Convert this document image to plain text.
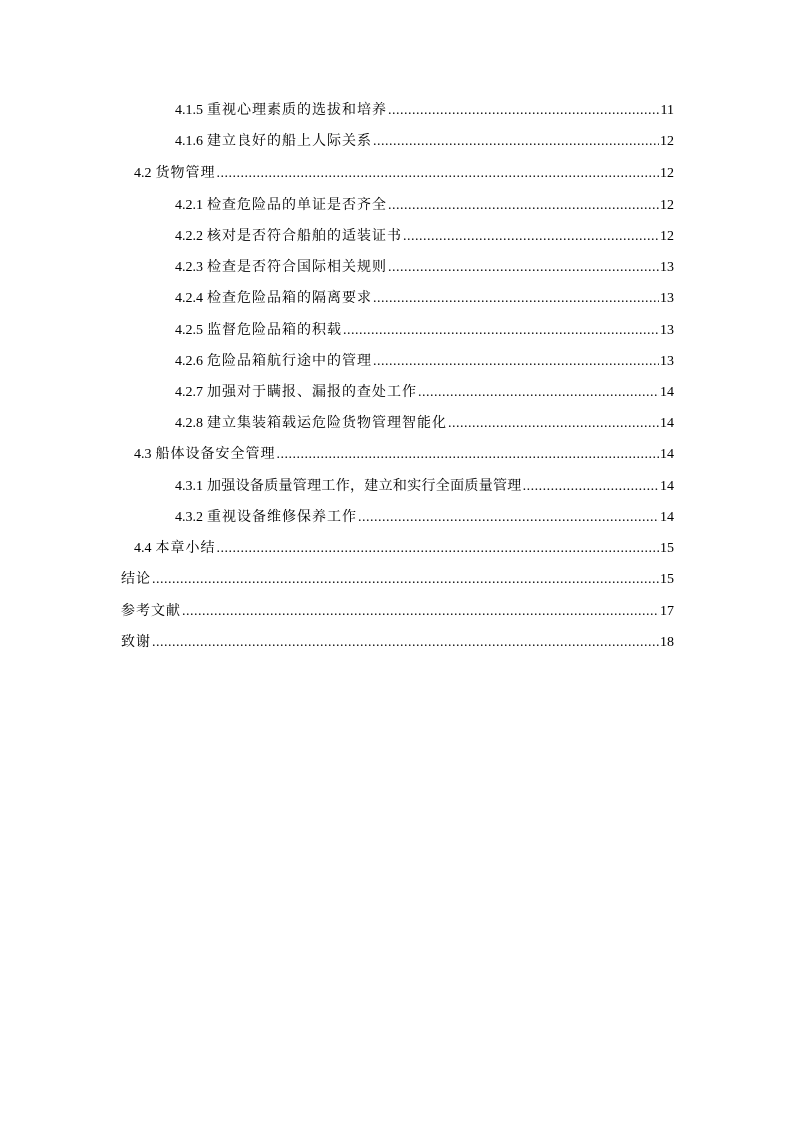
4.1.5 重视心理素质的选拔和培养 .....	11
4.1.6 建立良好的船上人际关系 .....	12
4.2 货物管理 .....	12
4.2.1 检查危险品的单证是否齐全 .....	12
4.2.2 核对是否符合船舶的适装证书 .....	12
4.2.3 检查是否符合国际相关规则 .....	13
4.2.4 检查危险品箱的隔离要求 .....	13
4.2.5 监督危险品箱的积载 .....	13
4.2.6 危险品箱航行途中的管理 .....	13
4.2.7 加强对于瞒报、漏报的查处工作 .....	14
4.2.8 建立集装箱载运危险货物管理智能化 .....	14
4.3 船体设备安全管理 .....	14
4.3.1 加强设备质量管理工作，建立和实行全面质量管理 .....	14
4.3.2 重视设备维修保养工作 .....	14
4.4 本章小结 .....	15
结论 .....	15
参考文献 .....	17
致谢 .....	18
